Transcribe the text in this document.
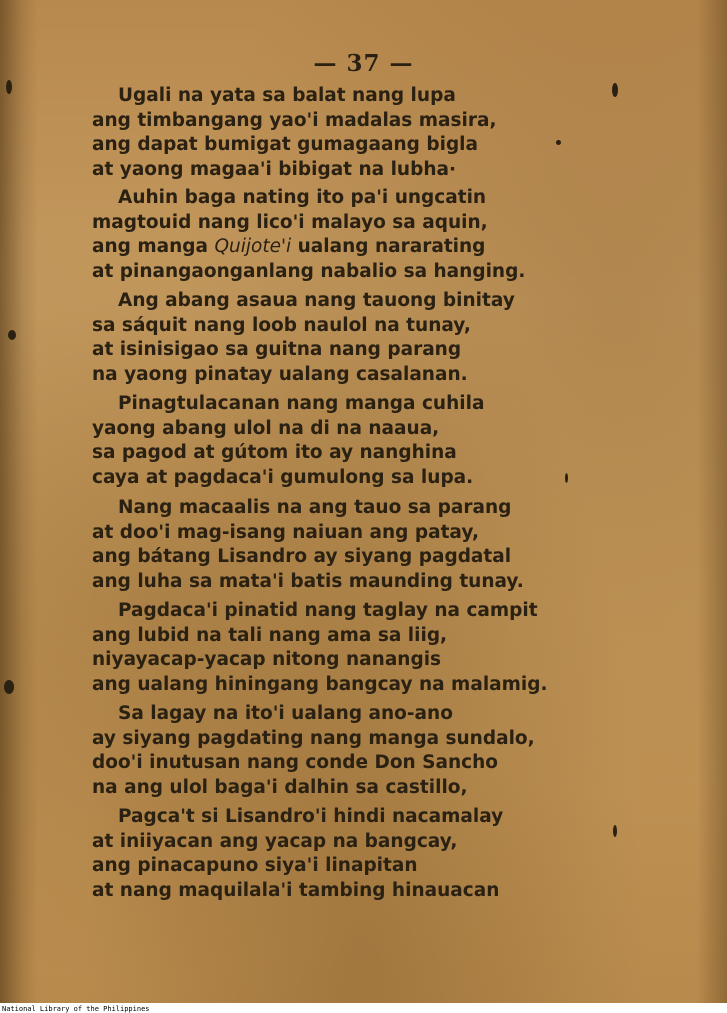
— 37 —
Ugali na yata sa balat nang lupa
ang timbangang yao'i madalas masira,
ang dapat bumigat gumagaang bigla
at yaong magaa'i bibigat na lubha·
Auhin baga nating ito pa'i ungcatin
magtouid nang lico'i malayo sa aquin,
ang manga Quijote'i ualang nararating
at pinangaonganlang nabalio sa hanging.
Ang abang asaua nang tauong binitay
sa sáquit nang loob naulol na tunay,
at isinisigao sa guitna nang parang
na yaong pinatay ualang casalanan.
Pinagtulacanan nang manga cuhila
yaong abang ulol na di na naaua,
sa pagod at gútom ito ay nanghina
caya at pagdaca'i gumulong sa lupa.
Nang macaalis na ang tauo sa parang
at doo'i mag-isang naiuan ang patay,
ang bátang Lisandro ay siyang pagdatal
ang luha sa mata'i batis maunding tunay.
Pagdaca'i pinatid nang taglay na campit
ang lubid na tali nang ama sa liig,
niyayacap-yacap nitong nanangis
ang ualang hiningang bangcay na malamig.
Sa lagay na ito'i ualang ano-ano
ay siyang pagdating nang manga sundalo,
doo'i inutusan nang conde Don Sancho
na ang ulol baga'i dalhin sa castillo,
Pagca't si Lisandro'i hindi nacamalay
at iniiyacan ang yacap na bangcay,
ang pinacapuno siya'i linapitan
at nang maquilala'i tambing hinauacan
National Library of the Philippines
